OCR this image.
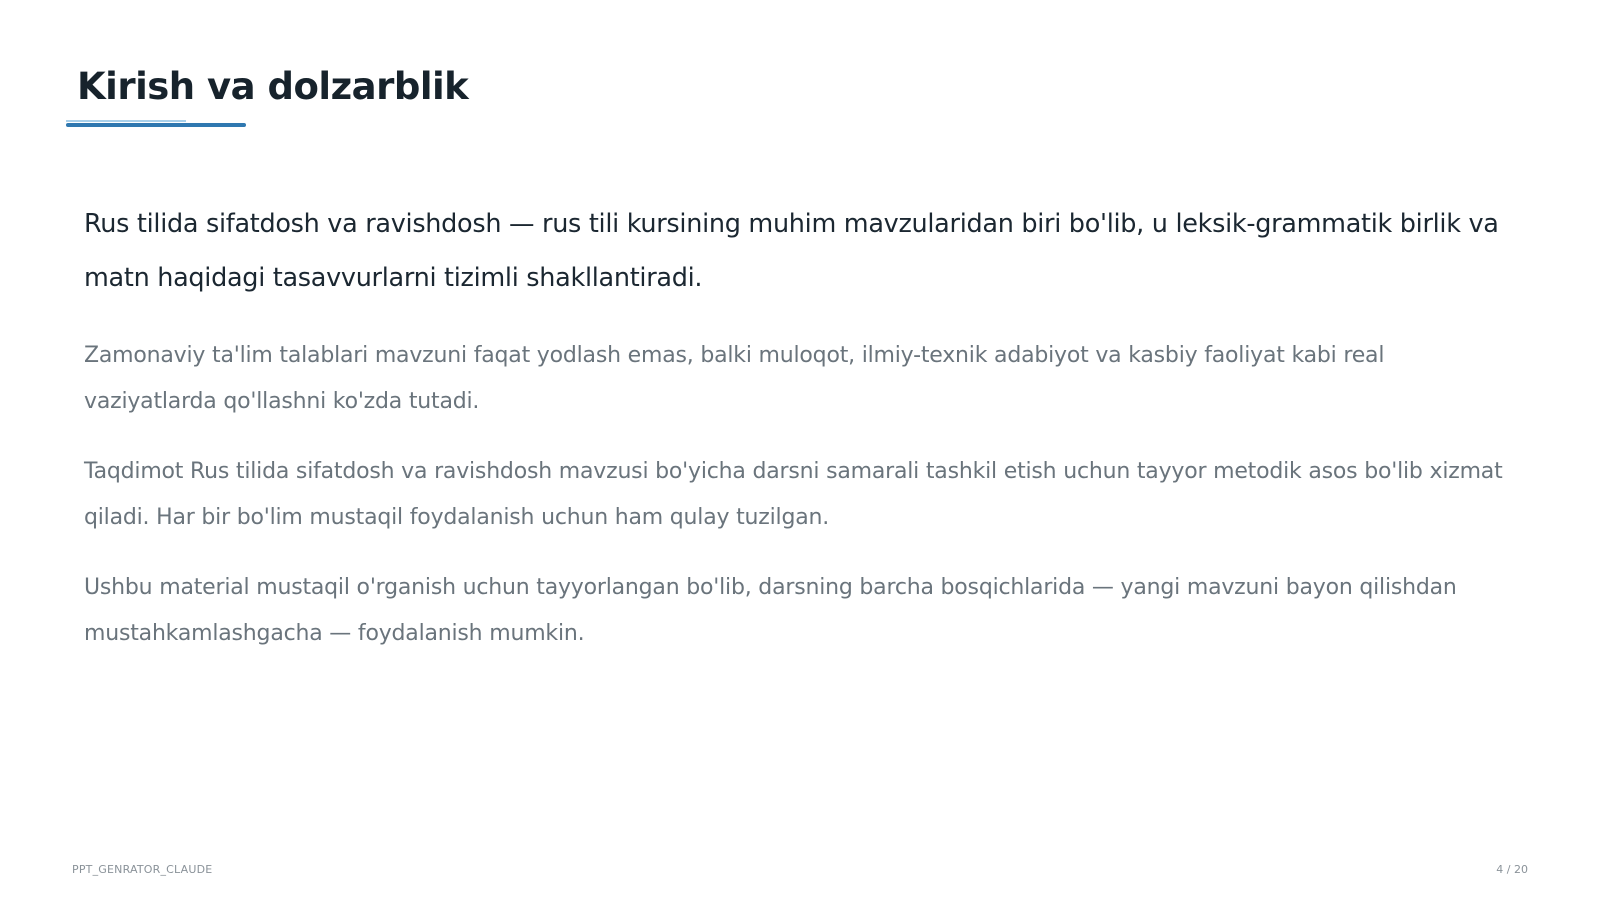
Kirish va dolzarblik

Rus tilida sifatdosh va ravishdosh — rus tili kursining muhim mavzularidan biri bo'lib, u leksik-grammatik birlik va matn haqidagi tasavvurlarni tizimli shakllantiradi.

Zamonaviy ta'lim talablari mavzuni faqat yodlash emas, balki muloqot, ilmiy-texnik adabiyot va kasbiy faoliyat kabi real vaziyatlarda qo'llashni ko'zda tutadi.

Taqdimot Rus tilida sifatdosh va ravishdosh mavzusi bo'yicha darsni samarali tashkil etish uchun tayyor metodik asos bo'lib xizmat qiladi. Har bir bo'lim mustaqil foydalanish uchun ham qulay tuzilgan.

Ushbu material mustaqil o'rganish uchun tayyorlangan bo'lib, darsning barcha bosqichlarida — yangi mavzuni bayon qilishdan mustahkamlashgacha — foydalanish mumkin.

PPT_GENRATOR_CLAUDE	4 / 20
